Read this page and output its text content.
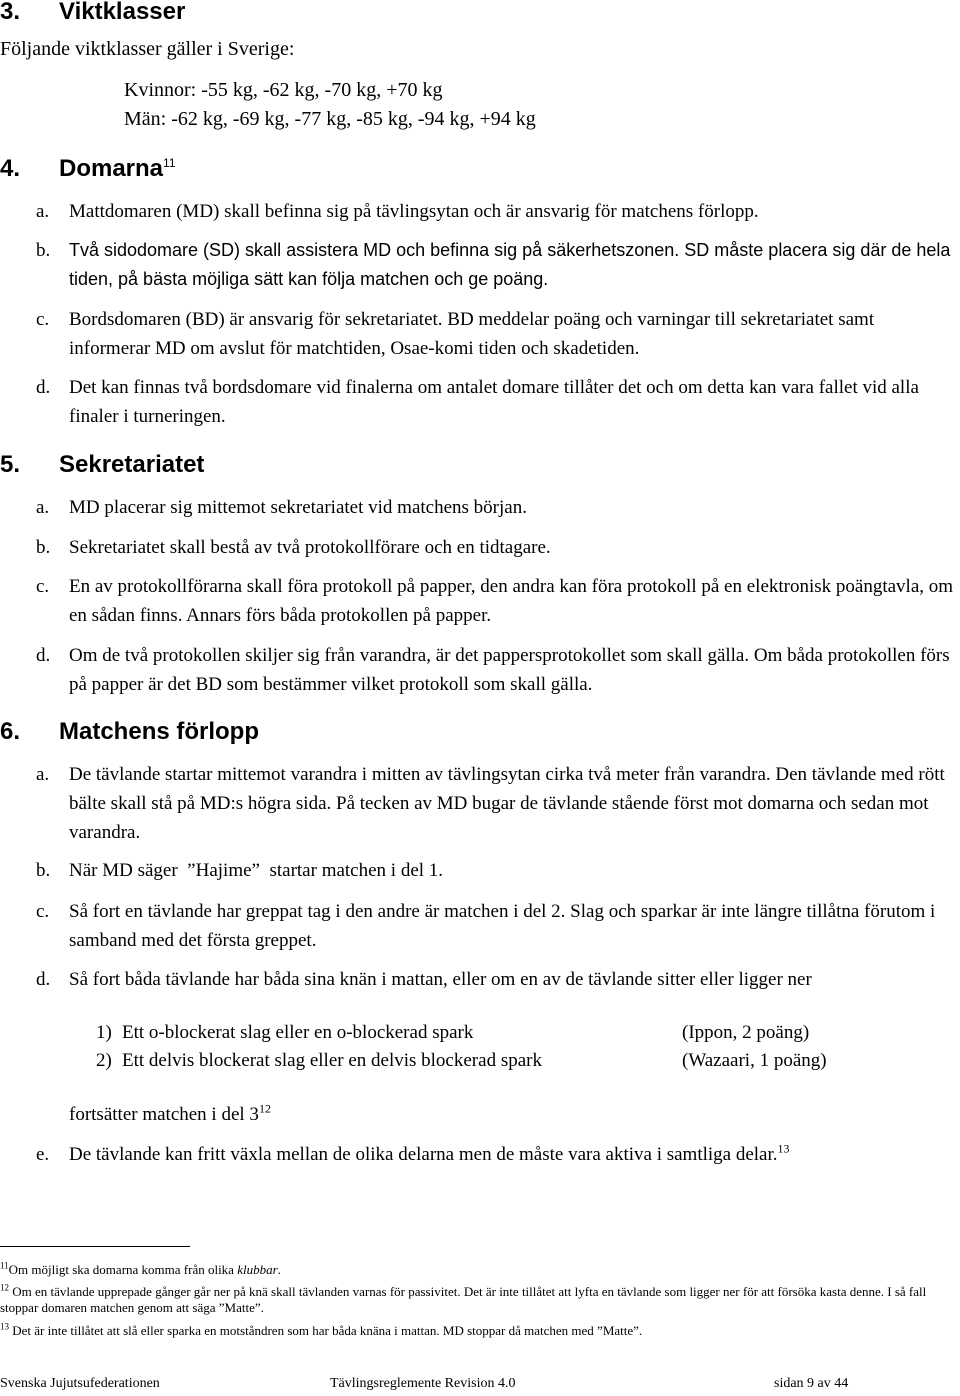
3. Viktklasser
Följande viktklasser gäller i Sverige:
Kvinnor: -55 kg, -62 kg, -70 kg, +70 kg
Män: -62 kg, -69 kg, -77 kg, -85 kg, -94 kg, +94 kg
4. Domarna$^{11}$
a. Mattdomaren (MD) skall befinna sig på tävlingsytan och är ansvarig för matchens förlopp.
b. Två sidodomare (SD) skall assistera MD och befinna sig på säkerhetszonen. SD måste placera sig där de hela tiden, på bästa möjliga sätt kan följa matchen och ge poäng.
c. Bordsdomaren (BD) är ansvarig för sekretariatet. BD meddelar poäng och varningar till sekretariatet samt informerar MD om avslut för matchtiden, Osae-komi tiden och skadetiden.
d. Det kan finnas två bordsdomare vid finalerna om antalet domare tillåter det och om detta kan vara fallet vid alla finaler i turneringen.
5. Sekretariatet
a. MD placerar sig mittemot sekretariatet vid matchens början.
b. Sekretariatet skall bestå av två protokollförare och en tidtagare.
c. En av protokollförarna skall föra protokoll på papper, den andra kan föra protokoll på en elektronisk poängtavla, om en sådan finns. Annars förs båda protokollen på papper.
d. Om de två protokollen skiljer sig från varandra, är det pappersprotokollet som skall gälla. Om båda protokollen förs på papper är det BD som bestämmer vilket protokoll som skall gälla.
6. Matchens förlopp
a. De tävlande startar mittemot varandra i mitten av tävlingsytan cirka två meter från varandra. Den tävlande med rött bälte skall stå på MD:s högra sida. På tecken av MD bugar de tävlande stående först mot domarna och sedan mot varandra.
b. När MD säger  ”Hajime”  startar matchen i del 1.
c. Så fort en tävlande har greppat tag i den andre är matchen i del 2. Slag och sparkar är inte längre tillåtna förutom i samband med det första greppet.
d. Så fort båda tävlande har båda sina knän i mattan, eller om en av de tävlande sitter eller ligger ner
1) Ett o-blockerat slag eller en o-blockerad spark	(Ippon, 2 poäng)
2) Ett delvis blockerat slag eller en delvis blockerad spark	(Wazaari, 1 poäng)
fortsätter matchen i del $3^{12}$
e. De tävlande kan fritt växla mellan de olika delarna men de måste vara aktiva i samtliga delar.$^{13}$
$^{11}$Om möjligt ska domarna komma från olika klubbar.
$^{12}$ Om en tävlande upprepade gånger går ner på knä skall tävlanden varnas för passivitet. Det är inte tillåtet att lyfta en tävlande som ligger ner för att försöka kasta denne. I så fall stoppar domaren matchen genom att säga ”Matte”.
$^{13}$ Det är inte tillåtet att slå eller sparka en motståndren som har båda knäna i mattan. MD stoppar då matchen med ”Matte”.
Svenska Jujutsufederationen	Tävlingsreglemente Revision 4.0	sidan 9 av 44
